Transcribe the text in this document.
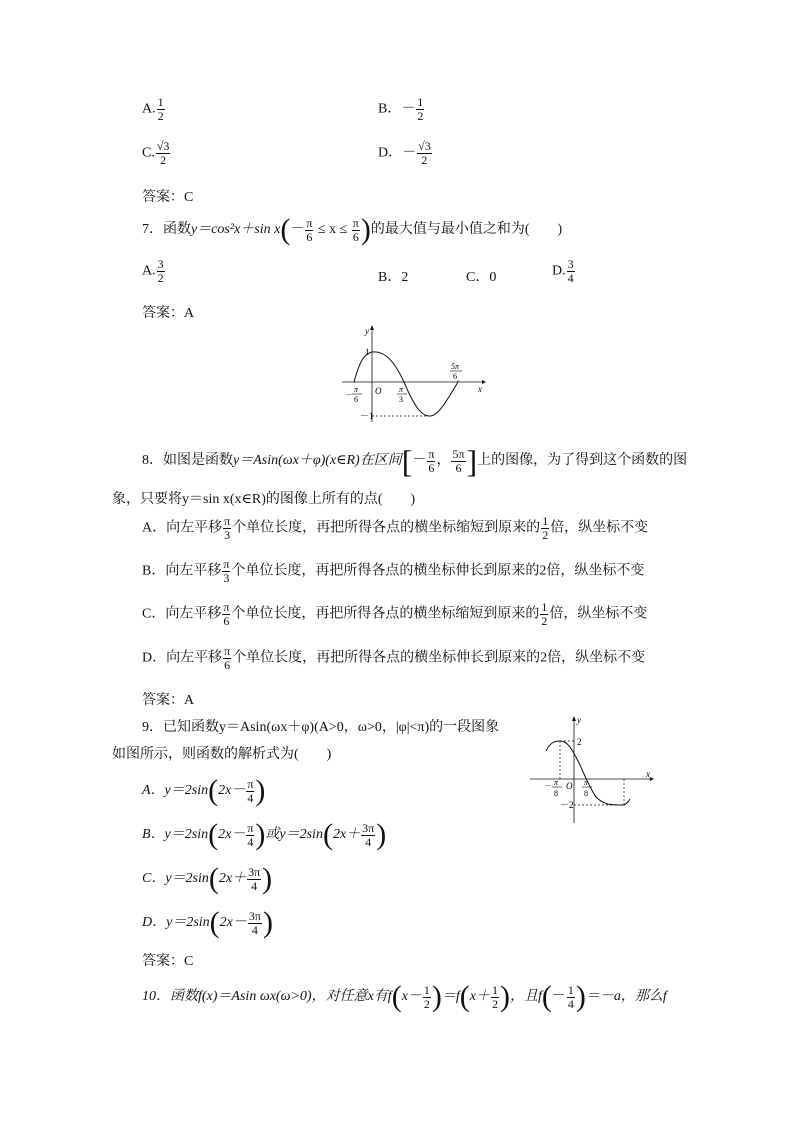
A. $\frac{1}{2}$	B．－ $\frac{1}{2}$
C. $\frac{√3}{2}$	D．－ $\frac{√3}{2}$
答案：C
7．函数y＝cos²x＋sin $x(- \frac{\pi}{6} \le x \le \frac{\pi}{6}$ )的最大值与最小值之和为(　　)
A. $\frac{3}{2}$	B．2	C．0	D. $\frac{3}{4}$
答案：A
y
x
O
1
－1
π
－
6
π
3
5π
6
8．如图是函数y＝Asin(ωx＋φ)(x∈R)在区间[－ $\frac{\pi}{6}$ ， $\frac{5\pi}{6}$ ]上的图像，为了得到这个函数的图
象，只要将y＝sin x(x∈R)的图像上所有的点(　　)
A．向左平移 $\frac{\pi}{3}$ 个单位长度，再把所得各点的横坐标缩短到原来的 $\frac{1}{2}$ 倍，纵坐标不变
B．向左平移 $\frac{\pi}{3}$ 个单位长度，再把所得各点的横坐标伸长到原来的2倍，纵坐标不变
C．向左平移 $\frac{\pi}{6}$ 个单位长度，再把所得各点的横坐标缩短到原来的 $\frac{1}{2}$ 倍，纵坐标不变
D．向左平移 $\frac{\pi}{6}$ 个单位长度，再把所得各点的横坐标伸长到原来的2倍，纵坐标不变
答案：A
9．已知函数y＝Asin(ωx＋φ)(A>0，ω>0，|φ|<π)的一段图象
如图所示，则函数的解析式为(　　)
y
x
O
2
－2
－ π
8
π
8
A．$y=2\sin(2x- \frac{\pi}{4}$ )
B．$y=2\sin(2x- \frac{\pi}{4}$ )或$y=2\sin(2x+ \frac{3\pi}{4}$ )
C．$y=2\sin(2x+ \frac{3\pi}{4}$ )
D．$y=2\sin(2x- \frac{3\pi}{4}$ )
答案：C
10．函数f(x)＝Asin ωx(ω>0)，对任意x有$f(x- \frac{1}{2} )=f(x+ \frac{1}{2}$ )，且$f(- \frac{1}{4} )=-a$，那么f
